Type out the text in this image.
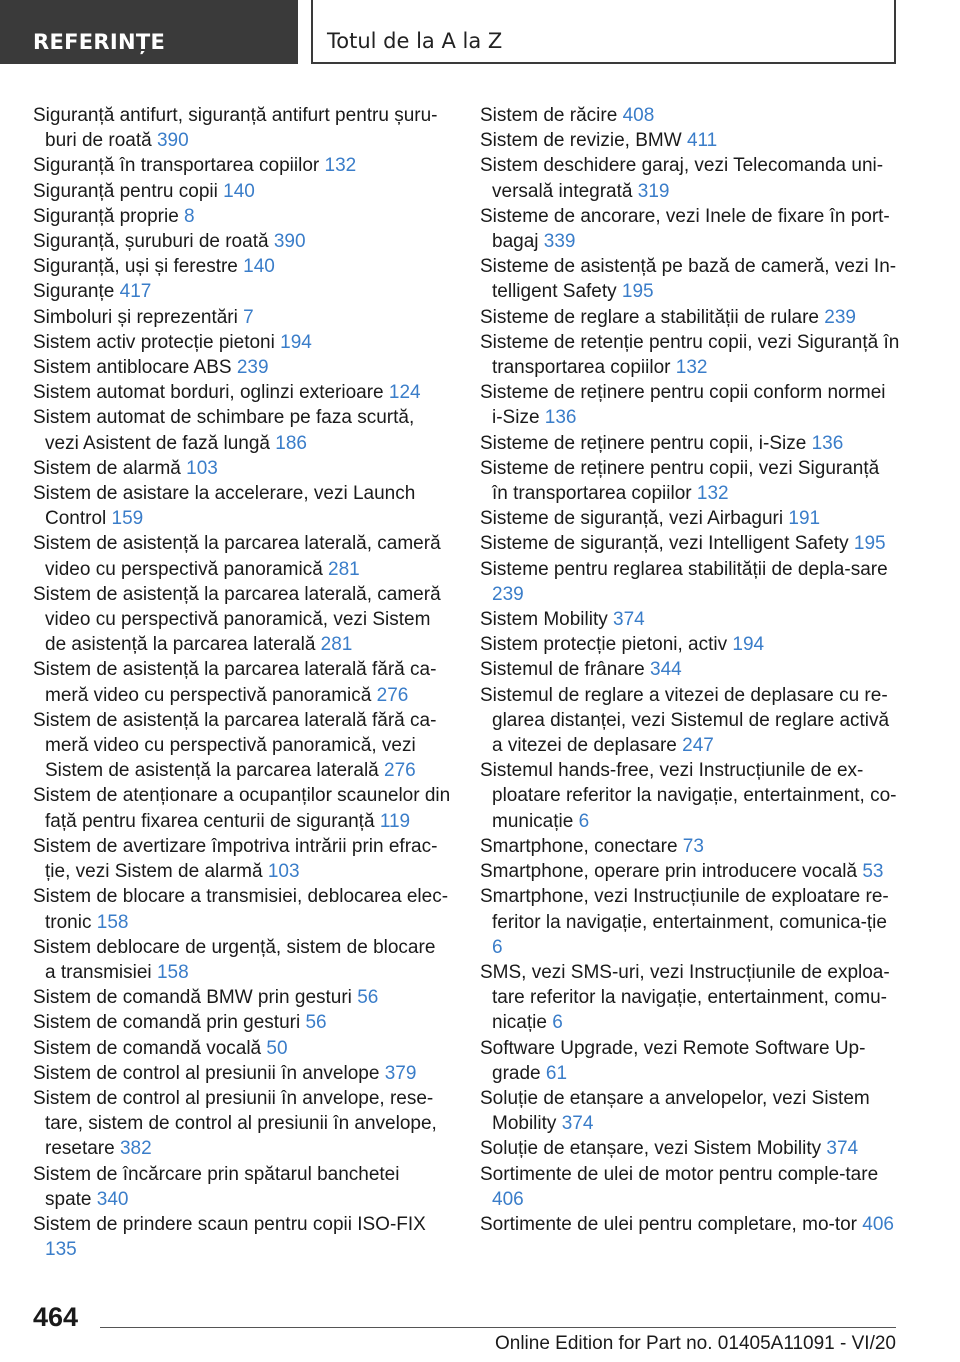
REFERINȚE	Totul de la A la Z

Siguranță antifurt, siguranță antifurt pentru șuru-buri de roată 390

Siguranță în transportarea copiilor 132

Siguranță pentru copii 140

Siguranță proprie 8

Siguranță, șuruburi de roată 390

Siguranță, uși și ferestre 140

Siguranțe 417

Simboluri și reprezentări 7

Sistem activ protecție pietoni 194

Sistem antiblocare ABS 239

Sistem automat borduri, oglinzi exterioare 124

Sistem automat de schimbare pe faza scurtă, vezi Asistent de fază lungă 186

Sistem de alarmă 103

Sistem de asistare la accelerare, vezi Launch Control 159

Sistem de asistență la parcarea laterală, cameră video cu perspectivă panoramică 281

Sistem de asistență la parcarea laterală, cameră video cu perspectivă panoramică, vezi Sistem de asistență la parcarea laterală 281

Sistem de asistență la parcarea laterală fără ca-meră video cu perspectivă panoramică 276

Sistem de asistență la parcarea laterală fără ca-meră video cu perspectivă panoramică, vezi Sistem de asistență la parcarea laterală 276

Sistem de atenționare a ocupanților scaunelor din față pentru fixarea centurii de siguranță 119

Sistem de avertizare împotriva intrării prin efrac-ție, vezi Sistem de alarmă 103

Sistem de blocare a transmisiei, deblocarea elec-tronic 158

Sistem deblocare de urgență, sistem de blocare a transmisiei 158

Sistem de comandă BMW prin gesturi 56

Sistem de comandă prin gesturi 56

Sistem de comandă vocală 50

Sistem de control al presiunii în anvelope 379

Sistem de control al presiunii în anvelope, rese-tare, sistem de control al presiunii în anvelope, resetare 382

Sistem de încărcare prin spătarul banchetei spate 340

Sistem de prindere scaun pentru copii ISO-FIX 135

Sistem de răcire 408

Sistem de revizie, BMW 411

Sistem deschidere garaj, vezi Telecomanda uni-versală integrată 319

Sisteme de ancorare, vezi Inele de fixare în port-bagaj 339

Sisteme de asistență pe bază de cameră, vezi In-telligent Safety 195

Sisteme de reglare a stabilității de rulare 239

Sisteme de retenție pentru copii, vezi Siguranță în transportarea copiilor 132

Sisteme de reținere pentru copii conform normei i-Size 136

Sisteme de reținere pentru copii, i-Size 136

Sisteme de reținere pentru copii, vezi Siguranță în transportarea copiilor 132

Sisteme de siguranță, vezi Airbaguri 191

Sisteme de siguranță, vezi Intelligent Safety 195

Sisteme pentru reglarea stabilității de depla-sare 239

Sistem Mobility 374

Sistem protecție pietoni, activ 194

Sistemul de frânare 344

Sistemul de reglare a vitezei de deplasare cu re-glarea distanței, vezi Sistemul de reglare activă a vitezei de deplasare 247

Sistemul hands-free, vezi Instrucțiunile de ex-ploatare referitor la navigație, entertainment, co-municație 6

Smartphone, conectare 73

Smartphone, operare prin introducere vocală 53

Smartphone, vezi Instrucțiunile de exploatare re-feritor la navigație, entertainment, comunica-ție 6

SMS, vezi SMS-uri, vezi Instrucțiunile de exploa-tare referitor la navigație, entertainment, comu-nicație 6

Software Upgrade, vezi Remote Software Up-grade 61

Soluție de etanșare a anvelopelor, vezi Sistem Mobility 374

Soluție de etanșare, vezi Sistem Mobility 374

Sortimente de ulei de motor pentru comple-tare 406

Sortimente de ulei pentru completare, mo-tor 406

464
Online Edition for Part no. 01405A11091 - VI/20
